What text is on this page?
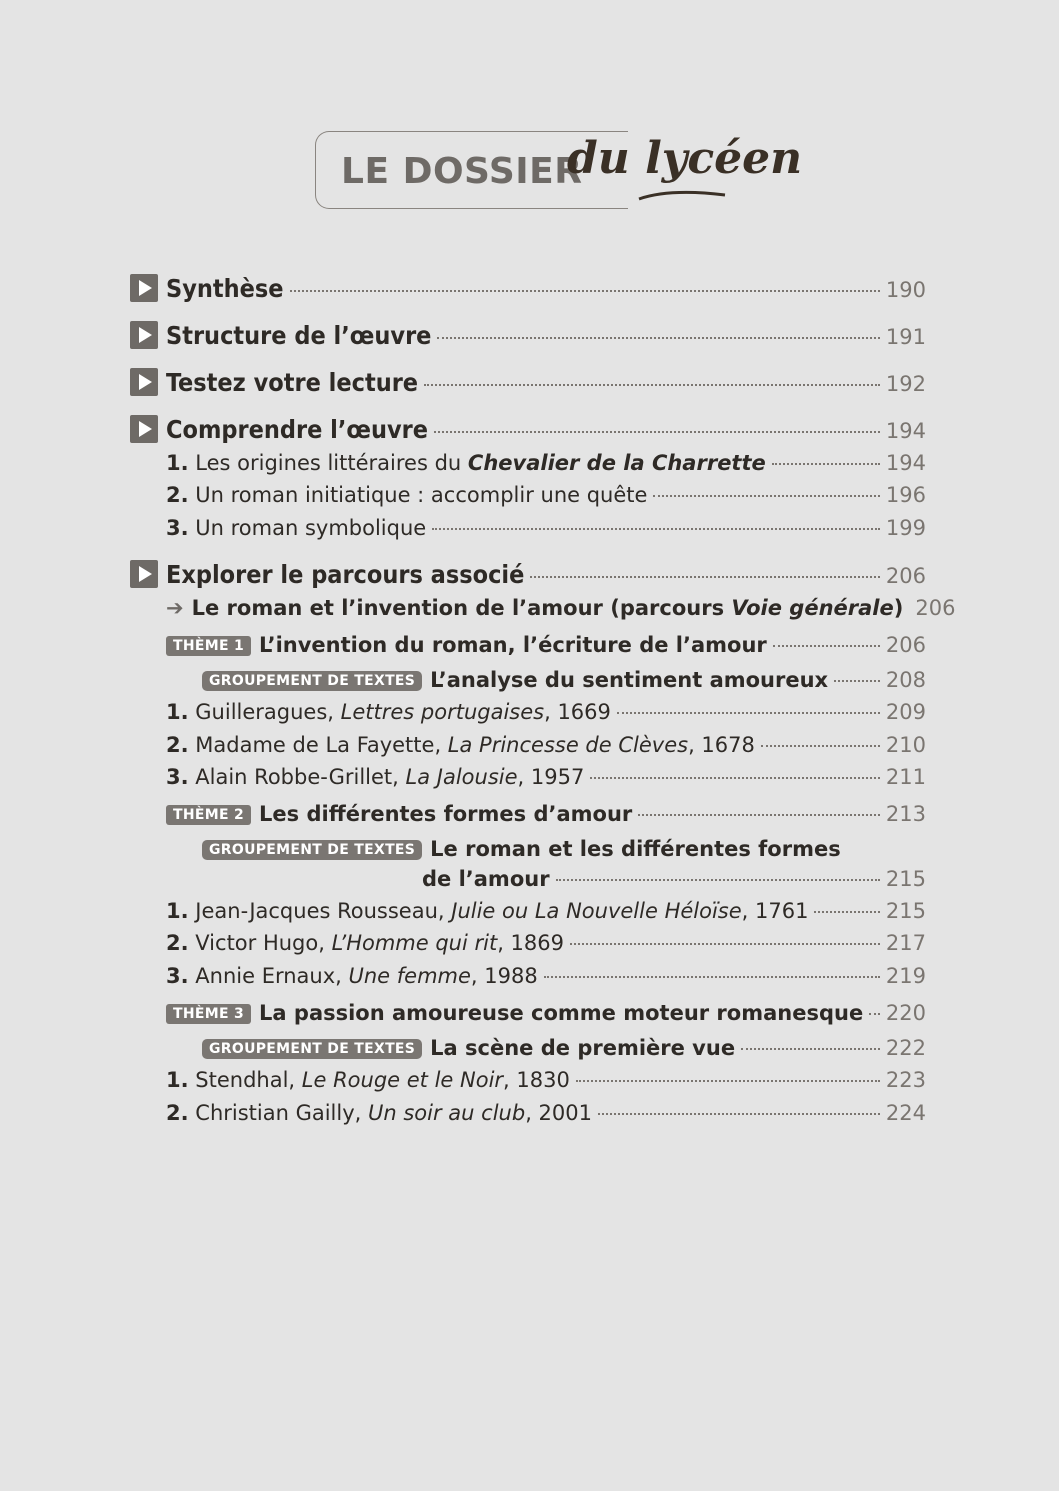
LE DOSSIER
du lycéen
Synthèse	190
Structure de l’œuvre	191
Testez votre lecture	192
Comprendre l’œuvre	194
1. Les origines littéraires du Chevalier de la Charrette	194
2. Un roman initiatique : accomplir une quête	196
3. Un roman symbolique	199
Explorer le parcours associé	206
➔ Le roman et l’invention de l’amour (parcours Voie générale) 206
THÈME 1 L’invention du roman, l’écriture de l’amour	206
GROUPEMENT DE TEXTES L’analyse du sentiment amoureux	208
1. Guilleragues, Lettres portugaises, 1669	209
2. Madame de La Fayette, La Princesse de Clèves, 1678	210
3. Alain Robbe-Grillet, La Jalousie, 1957	211
THÈME 2 Les différentes formes d’amour	213
GROUPEMENT DE TEXTES Le roman et les différentes formes
de l’amour	215
1. Jean-Jacques Rousseau, Julie ou La Nouvelle Héloïse, 1761	215
2. Victor Hugo, L’Homme qui rit, 1869	217
3. Annie Ernaux, Une femme, 1988	219
THÈME 3 La passion amoureuse comme moteur romanesque 220
GROUPEMENT DE TEXTES La scène de première vue	222
1. Stendhal, Le Rouge et le Noir, 1830	223
2. Christian Gailly, Un soir au club, 2001	224
